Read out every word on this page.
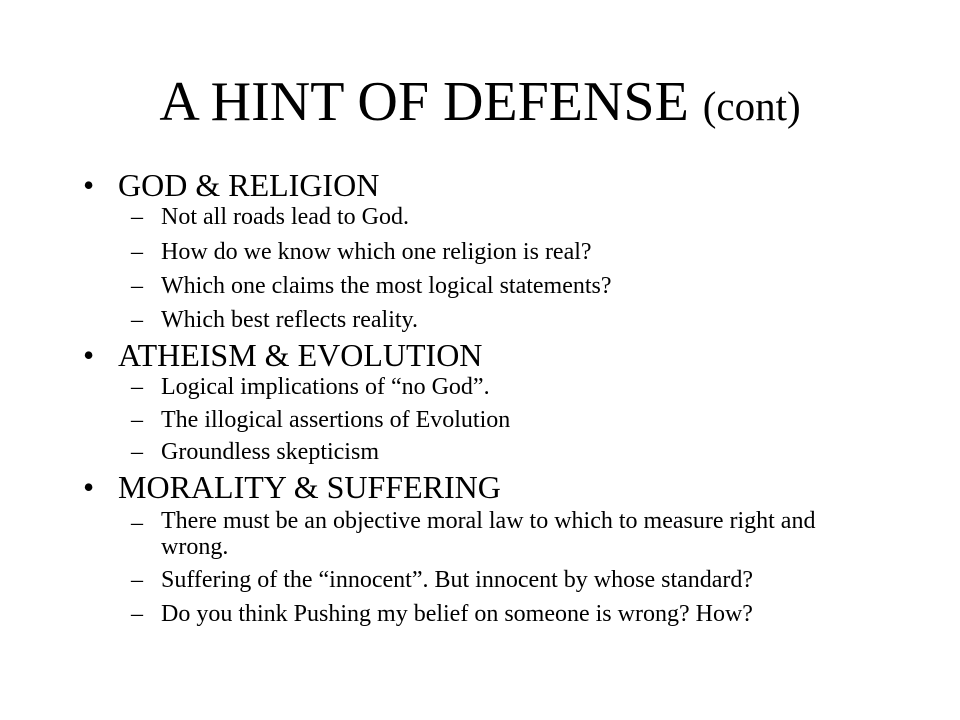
A HINT OF DEFENSE (cont)
• GOD & RELIGION
– Not all roads lead to God.
– How do we know which one religion is real?
– Which one claims the most logical statements?
– Which best reflects reality.
• ATHEISM & EVOLUTION
– Logical implications of “no God”.
– The illogical assertions of Evolution
– Groundless skepticism
• MORALITY & SUFFERING
– There must be an objective moral law to which to measure right and wrong.
– Suffering of the “innocent”. But innocent by whose standard?
– Do you think Pushing my belief on someone is wrong? How?
